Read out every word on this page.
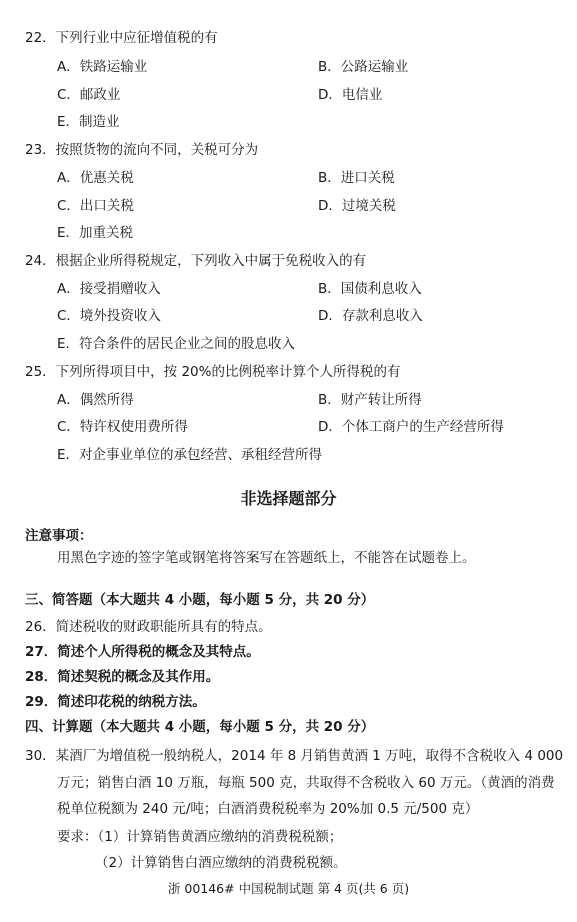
22．下列行业中应征增值税的有
A．铁路运输业	B．公路运输业
C．邮政业	D．电信业
E．制造业
23．按照货物的流向不同，关税可分为
A．优惠关税	B．进口关税
C．出口关税	D．过境关税
E．加重关税
24．根据企业所得税规定，下列收入中属于免税收入的有
A．接受捐赠收入	B．国债利息收入
C．境外投资收入	D．存款利息收入
E．符合条件的居民企业之间的股息收入
25．下列所得项目中，按 20%的比例税率计算个人所得税的有
A．偶然所得	B．财产转让所得
C．特许权使用费所得	D．个体工商户的生产经营所得
E．对企事业单位的承包经营、承租经营所得
非选择题部分
注意事项：
用黑色字迹的签字笔或钢笔将答案写在答题纸上，不能答在试题卷上。
三、简答题（本大题共 4 小题，每小题 5 分，共 20 分）
26．简述税收的财政职能所具有的特点。
27．简述个人所得税的概念及其特点。
28．简述契税的概念及其作用。
29．简述印花税的纳税方法。
四、计算题（本大题共 4 小题，每小题 5 分，共 20 分）
30．某酒厂为增值税一般纳税人，2014 年 8 月销售黄酒 1 万吨，取得不含税收入 4 000
万元；销售白酒 10 万瓶，每瓶 500 克，共取得不含税收入 60 万元。（黄酒的消费
税单位税额为 240 元/吨；白酒消费税税率为 20%加 0.5 元/500 克）
要求：（1）计算销售黄酒应缴纳的消费税税额；
（2）计算销售白酒应缴纳的消费税税额。
浙 00146# 中国税制试题 第 4 页(共 6 页)
